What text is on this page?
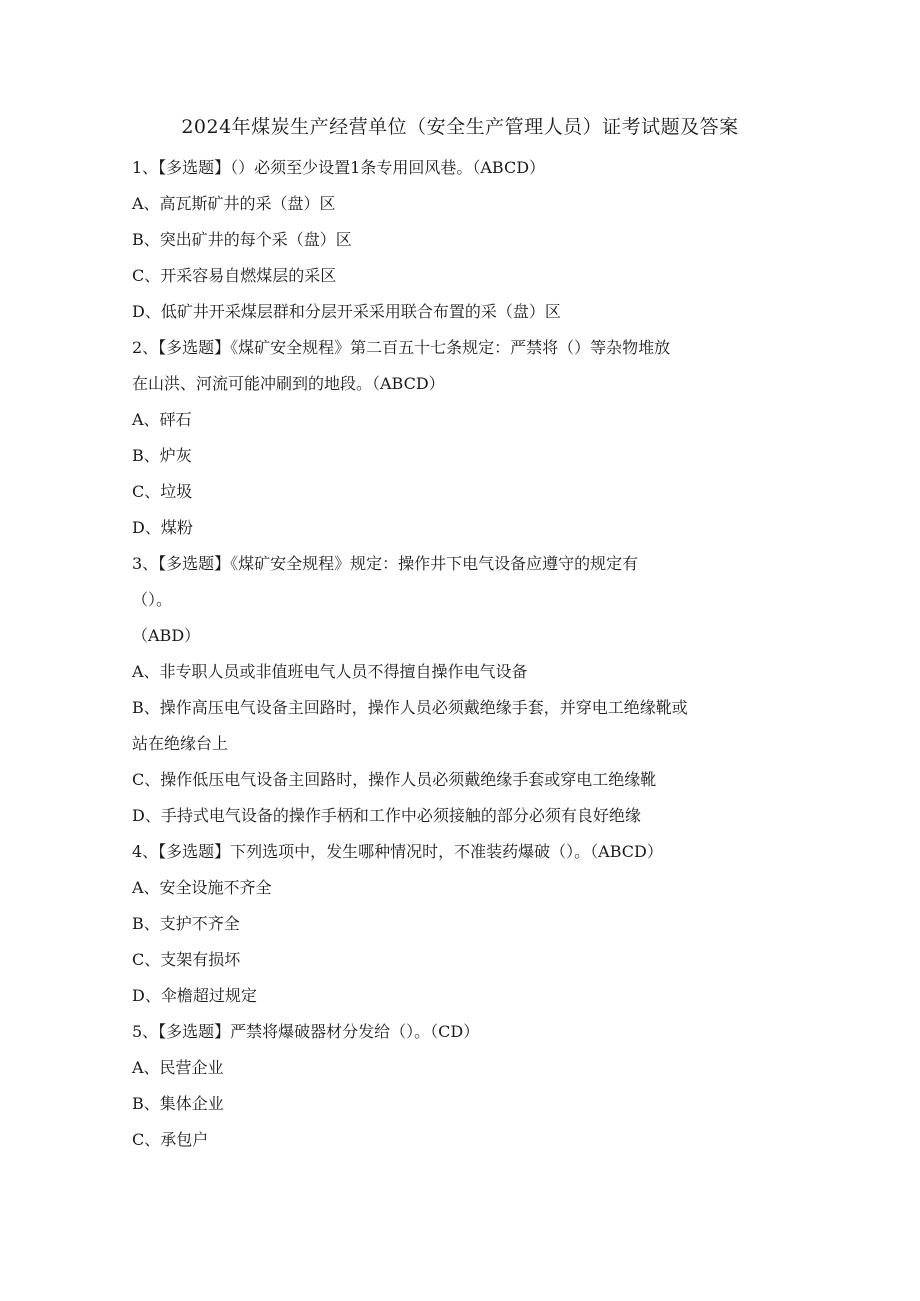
2024年煤炭生产经营单位（安全生产管理人员）证考试题及答案
1、【多选题】（）必须至少设置1条专用回风巷。（ABCD）
A、高瓦斯矿井的采（盘）区
B、突出矿井的每个采（盘）区
C、开采容易自燃煤层的采区
D、低矿井开采煤层群和分层开采采用联合布置的采（盘）区
2、【多选题】《煤矿安全规程》第二百五十七条规定：严禁将（）等杂物堆放
在山洪、河流可能冲刷到的地段。（ABCD）
A、砰石
B、炉灰
C、垃圾
D、煤粉
3、【多选题】《煤矿安全规程》规定：操作井下电气设备应遵守的规定有
（）。
（ABD）
A、非专职人员或非值班电气人员不得擅自操作电气设备
B、操作高压电气设备主回路时，操作人员必须戴绝缘手套，并穿电工绝缘靴或
站在绝缘台上
C、操作低压电气设备主回路时，操作人员必须戴绝缘手套或穿电工绝缘靴
D、手持式电气设备的操作手柄和工作中必须接触的部分必须有良好绝缘
4、【多选题】下列选项中，发生哪种情况时，不准装药爆破（）。（ABCD）
A、安全设施不齐全
B、支护不齐全
C、支架有损坏
D、伞檐超过规定
5、【多选题】严禁将爆破器材分发给（）。（CD）
A、民营企业
B、集体企业
C、承包户
